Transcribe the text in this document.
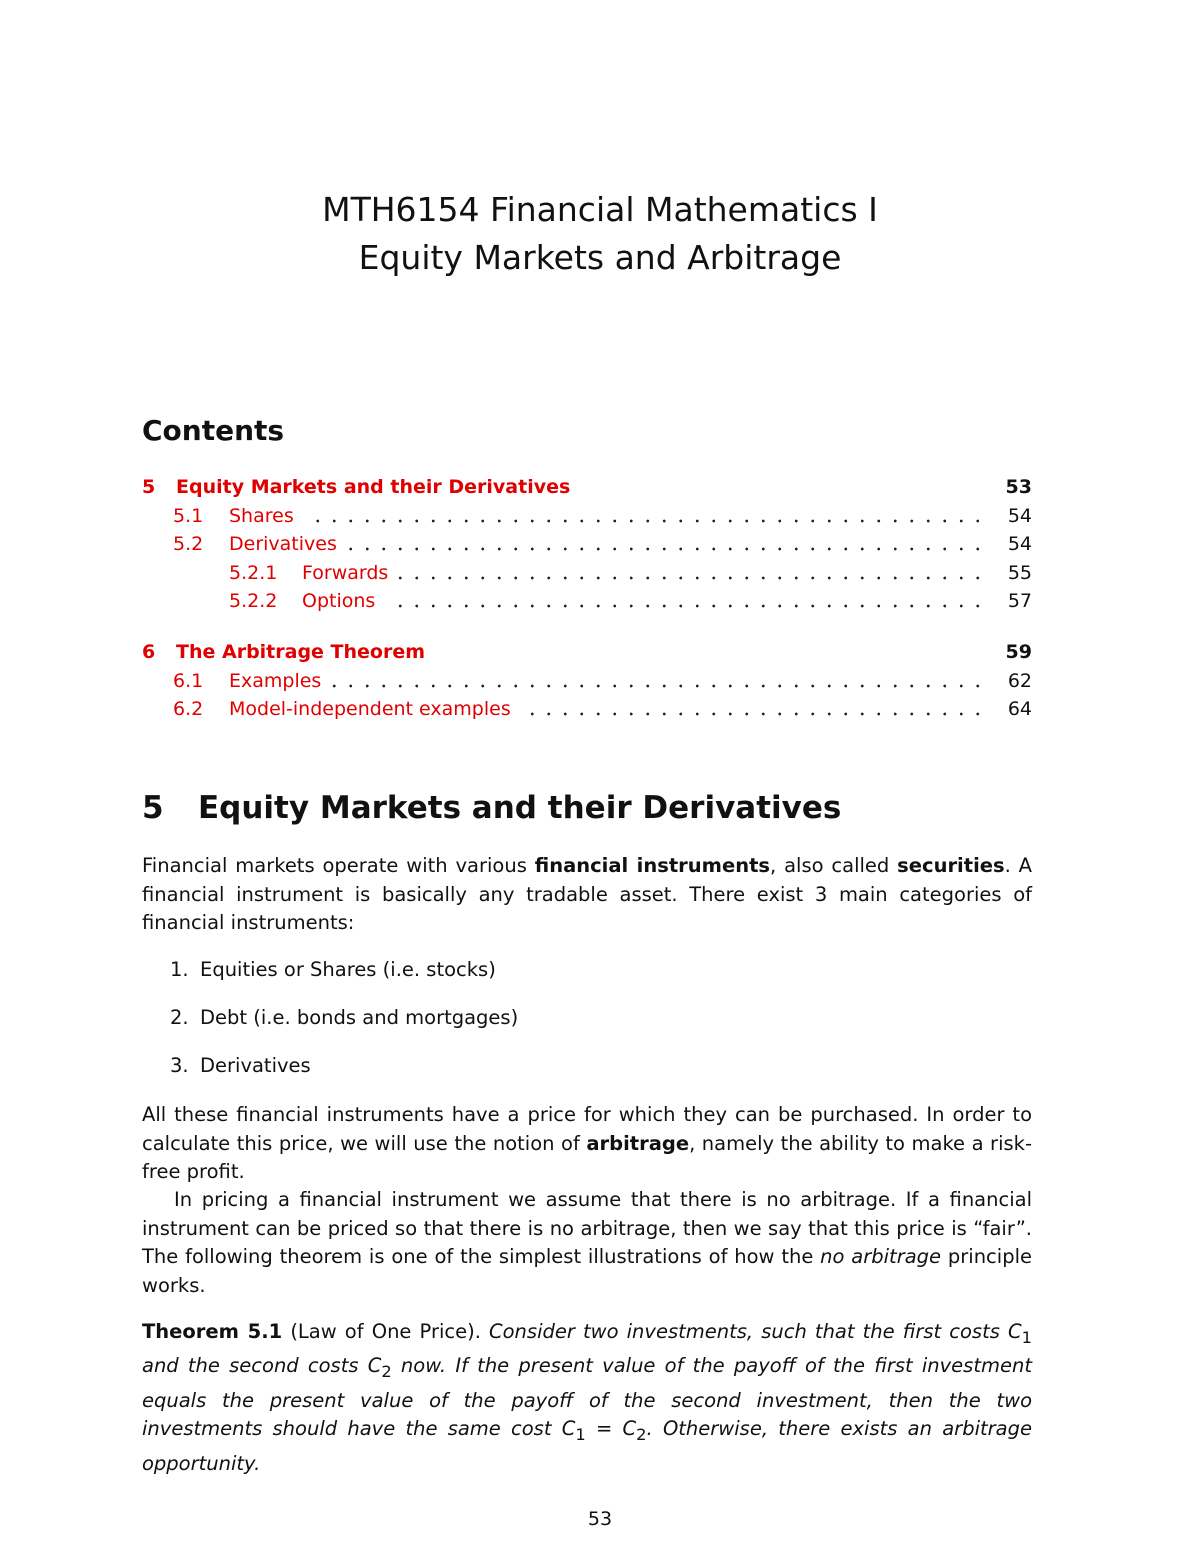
MTH6154 Financial Mathematics I
Equity Markets and Arbitrage
Contents
5 Equity Markets and their Derivatives	53
5.1 Shares	54
5.2 Derivatives	54
5.2.1 Forwards	55
5.2.2 Options	57
6 The Arbitrage Theorem	59
6.1 Examples	62
6.2 Model-independent examples	64
5 Equity Markets and their Derivatives
Financial markets operate with various financial instruments, also called securities. A financial instrument is basically any tradable asset. There exist 3 main categories of financial instruments:
1. Equities or Shares (i.e. stocks)
2. Debt (i.e. bonds and mortgages)
3. Derivatives
All these financial instruments have a price for which they can be purchased. In order to calculate this price, we will use the notion of arbitrage, namely the ability to make a risk-free profit.
In pricing a financial instrument we assume that there is no arbitrage. If a financial instrument can be priced so that there is no arbitrage, then we say that this price is “fair”. The following theorem is one of the simplest illustrations of how the no arbitrage principle works.
Theorem 5.1 (Law of One Price). Consider two investments, such that the first costs $C_1$ and the second costs $C_2$ now. If the present value of the payoff of the first investment equals the present value of the payoff of the second investment, then the two investments should have the same cost $C_1 = C_2$. Otherwise, there exists an arbitrage opportunity.
53
